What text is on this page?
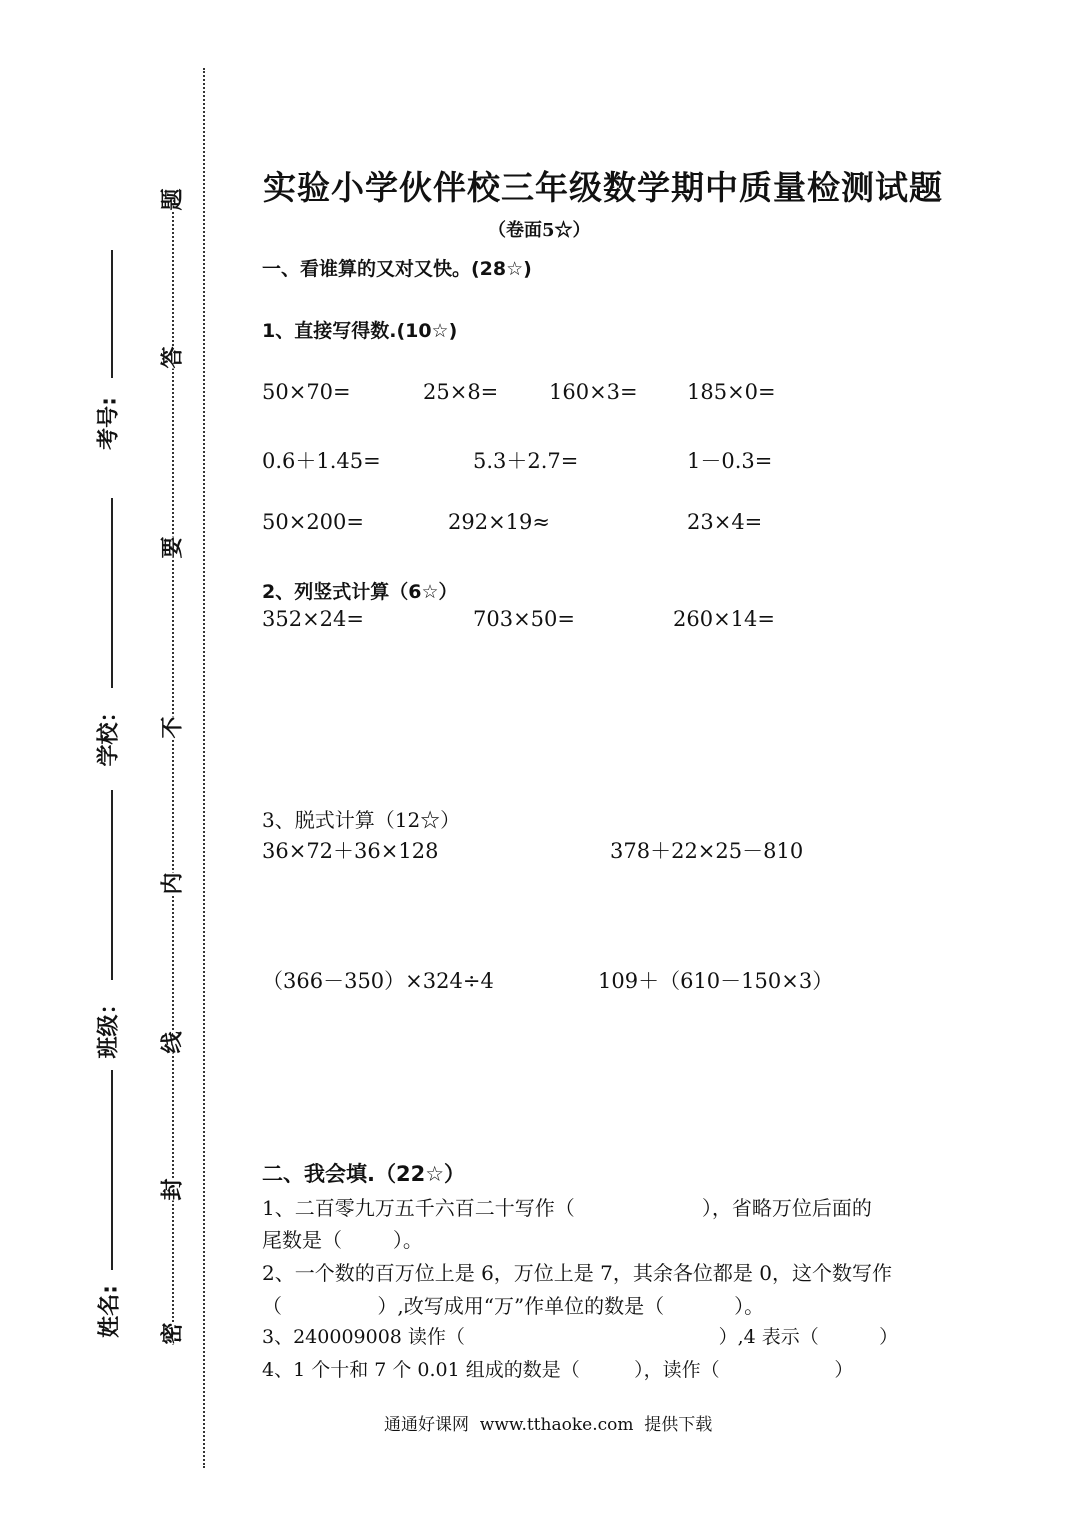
密
封
线
内
不
要
答
题
姓名:
班级：
学校：
考号:
实验小学伙伴校三年级数学期中质量检测试题
（卷面5☆）
一、看谁算的又对又快。(28☆)
1、直接写得数.(10☆)
50×70=	25×8= 160×3= 185×0=
0.6＋1.45=	5.3＋2.7=	1－0.3=
50×200=	292×19≈	23×4=
2、列竖式计算（6☆）
352×24=	703×50=	260×14=
3、脱式计算（12☆）
36×72＋36×128	378＋22×25－810
（366－350）×324÷4	109＋（610－150×3）
二、我会填.（22☆）
1、二百零九万五千六百二十写作（                    ），省略万位后面的
尾数是（        ）。
2、一个数的百万位上是 6，万位上是 7，其余各位都是 0，这个数写作
（               ）,改写成用“万”作单位的数是（           ）。
3、240009008 读作（                                          ）,4 表示（          ）
4、1 个十和 7 个 0.01 组成的数是（         ），读作（                   ）
通通好课网  www.tthaoke.com  提供下载
